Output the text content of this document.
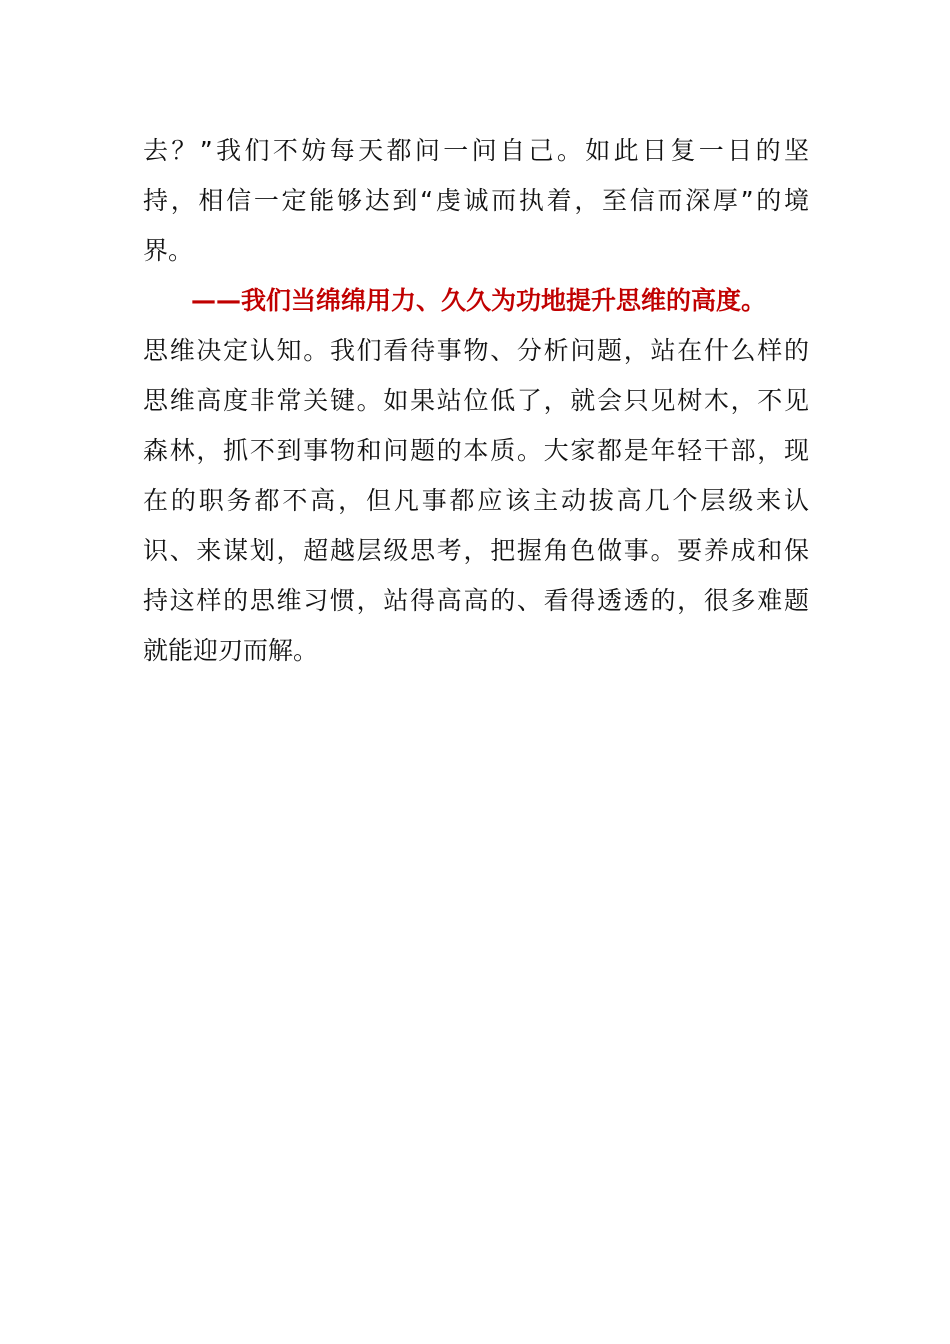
去？”我们不妨每天都问一问自己。如此日复一日的坚
持，相信一定能够达到“虔诚而执着，至信而深厚”的境
界。
——我们当绵绵用力、久久为功地提升思维的高度。
思维决定认知。我们看待事物、分析问题，站在什么样的
思维高度非常关键。如果站位低了，就会只见树木，不见
森林，抓不到事物和问题的本质。大家都是年轻干部，现
在的职务都不高，但凡事都应该主动拔高几个层级来认
识、来谋划，超越层级思考，把握角色做事。要养成和保
持这样的思维习惯，站得高高的、看得透透的，很多难题
就能迎刃而解。
